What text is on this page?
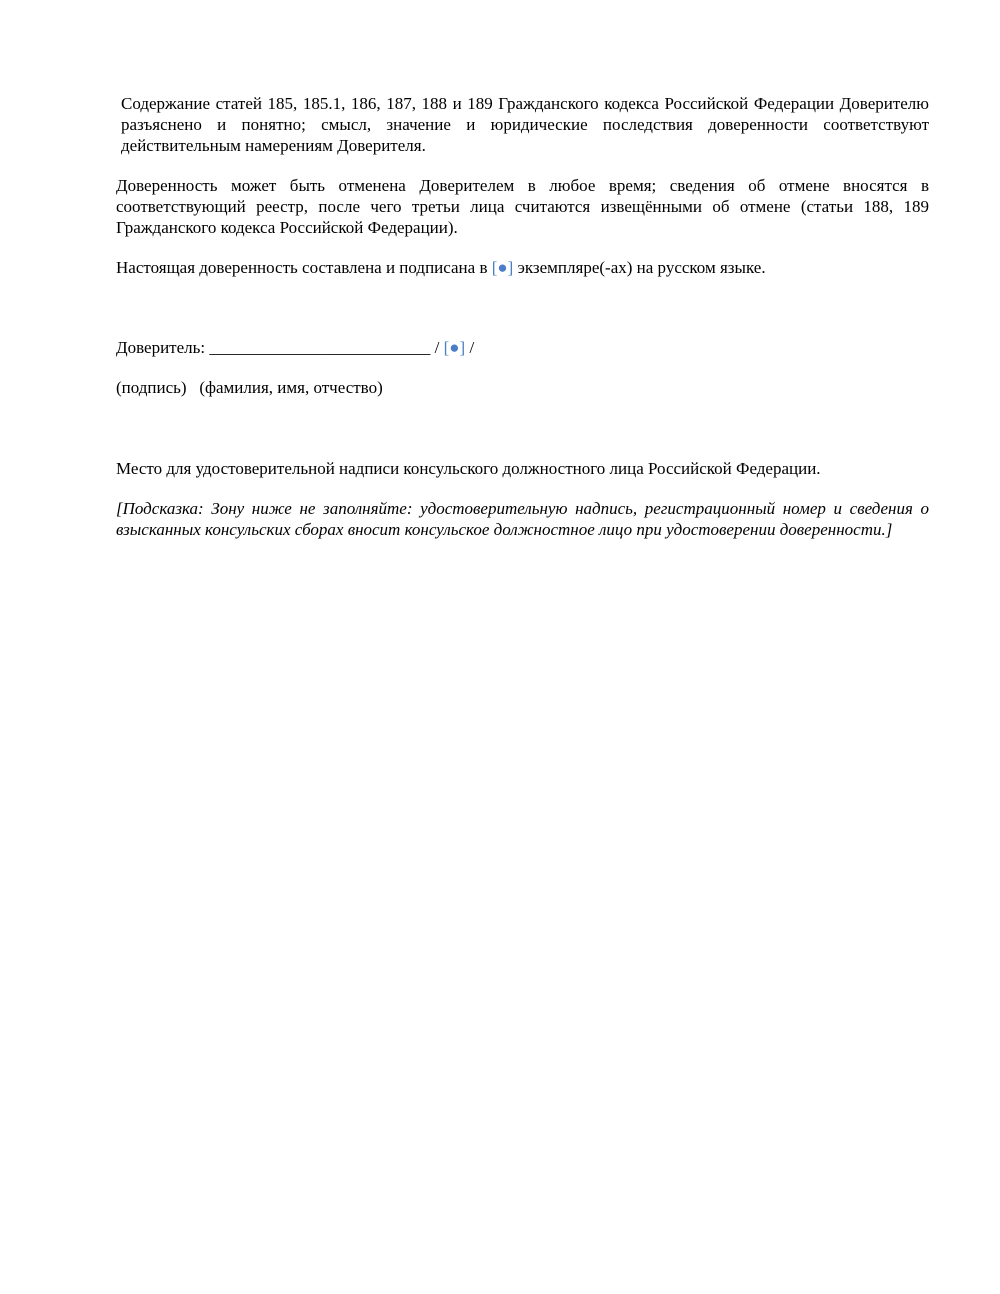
Содержание статей 185, 185.1, 186, 187, 188 и 189 Гражданского кодекса Российской Федерации Доверителю разъяснено и понятно; смысл, значение и юридические последствия доверенности соответствуют действительным намерениям Доверителя.

Доверенность может быть отменена Доверителем в любое время; сведения об отмене вносятся в соответствующий реестр, после чего третьи лица считаются извещёнными об отмене (статьи 188, 189 Гражданского кодекса Российской Федерации).

Настоящая доверенность составлена и подписана в [●] экземпляре(-ах) на русском языке.

Доверитель: __________________________ / [●] /

(подпись) (фамилия, имя, отчество)

Место для удостоверительной надписи консульского должностного лица Российской Федерации.

[Подсказка: Зону ниже не заполняйте: удостоверительную надпись, регистрационный номер и сведения о взысканных консульских сборах вносит консульское должностное лицо при удостоверении доверенности.]
